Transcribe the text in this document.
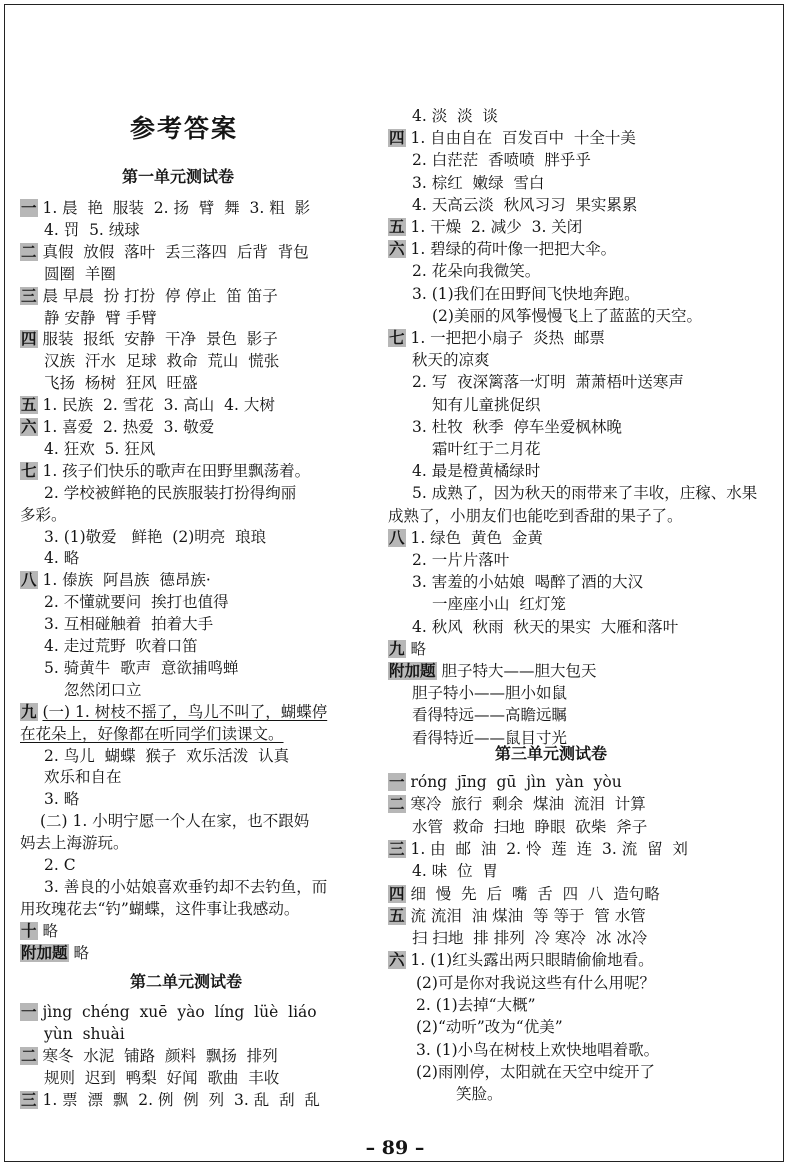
参考答案
第一单元测试卷
一 1. 晨  艳  服装  2. 扬  臂  舞  3. 粗  影
4. 罚  5. 绒球
二 真假  放假  落叶  丢三落四  后背  背包
圆圈  羊圈
三 晨 早晨  扮 打扮  停 停止  笛 笛子
静 安静  臂 手臂
四 服装  报纸  安静  干净  景色  影子
汉族  汗水  足球  救命  荒山  慌张
飞扬  杨树  狂风  旺盛
五 1. 民族  2. 雪花  3. 高山  4. 大树
六 1. 喜爱  2. 热爱  3. 敬爱
4. 狂欢  5. 狂风
七 1. 孩子们快乐的歌声在田野里飘荡着。
2. 学校被鲜艳的民族服装打扮得绚丽
多彩。
3. (1)敬爱   鲜艳  (2)明亮  琅琅
4. 略
八 1. 傣族  阿昌族  德昂族·
2. 不懂就要问  挨打也值得
3. 互相碰触着  拍着大手
4. 走过荒野  吹着口笛
5. 骑黄牛  歌声  意欲捕鸣蝉
忽然闭口立
九 (一) 1. 树枝不摇了，鸟儿不叫了，蝴蝶停
在花朵上，好像都在听同学们读课文。
2. 鸟儿  蝴蝶  猴子  欢乐活泼  认真
欢乐和自在
3. 略
(二) 1. 小明宁愿一个人在家，也不跟妈
妈去上海游玩。
2. C
3. 善良的小姑娘喜欢垂钓却不去钓鱼，而
用玫瑰花去“钓”蝴蝶，这件事让我感动。
十 略
附加题 略
第二单元测试卷
一 jìng  chéng  xuē  yào  líng  lüè  liáo
yùn  shuài
二 寒冬  水泥  铺路  颜料  飘扬  排列
规则  迟到  鸭梨  好闻  歌曲  丰收
三 1. 票  漂  飘  2. 例  例  列  3. 乱  刮  乱
4. 淡  淡  谈
四 1. 自由自在  百发百中  十全十美
2. 白茫茫  香喷喷  胖乎乎
3. 棕红  嫩绿  雪白
4. 天高云淡  秋风习习  果实累累
五 1. 干燥  2. 减少  3. 关闭
六 1. 碧绿的荷叶像一把把大伞。
2. 花朵向我微笑。
3. (1)我们在田野间飞快地奔跑。
(2)美丽的风筝慢慢飞上了蓝蓝的天空。
七 1. 一把把小扇子  炎热  邮票
秋天的凉爽
2. 写  夜深篱落一灯明  萧萧梧叶送寒声
知有儿童挑促织
3. 杜牧  秋季  停车坐爱枫林晚
霜叶红于二月花
4. 最是橙黄橘绿时
5. 成熟了，因为秋天的雨带来了丰收，庄稼、水果
成熟了，小朋友们也能吃到香甜的果子了。
八 1. 绿色  黄色  金黄
2. 一片片落叶
3. 害羞的小姑娘  喝醉了酒的大汉
一座座小山  红灯笼
4. 秋风  秋雨  秋天的果实  大雁和落叶
九 略
附加题 胆子特大——胆大包天
胆子特小——胆小如鼠
看得特远——高瞻远瞩
看得特近——鼠目寸光
第三单元测试卷
一 róng  jīng  gū  jìn  yàn  yòu
二 寒冷  旅行  剩余  煤油  流泪  计算
水管  救命  扫地  睁眼  砍柴  斧子
三 1. 由  邮  油  2. 怜  莲  连  3. 流  留  刘
4. 味  位  胃
四 细  慢  先  后  嘴  舌  四  八  造句略
五 流 流泪  油 煤油  等 等于  管 水管
扫 扫地  排 排列  冷 寒冷  冰 冰冷
六 1. (1)红头露出两只眼睛偷偷地看。
(2)可是你对我说这些有什么用呢？
2. (1)去掉“大概”
(2)“动听”改为“优美”
3. (1)小鸟在树枝上欢快地唱着歌。
(2)雨刚停，太阳就在天空中绽开了
笑脸。
– 89 –
